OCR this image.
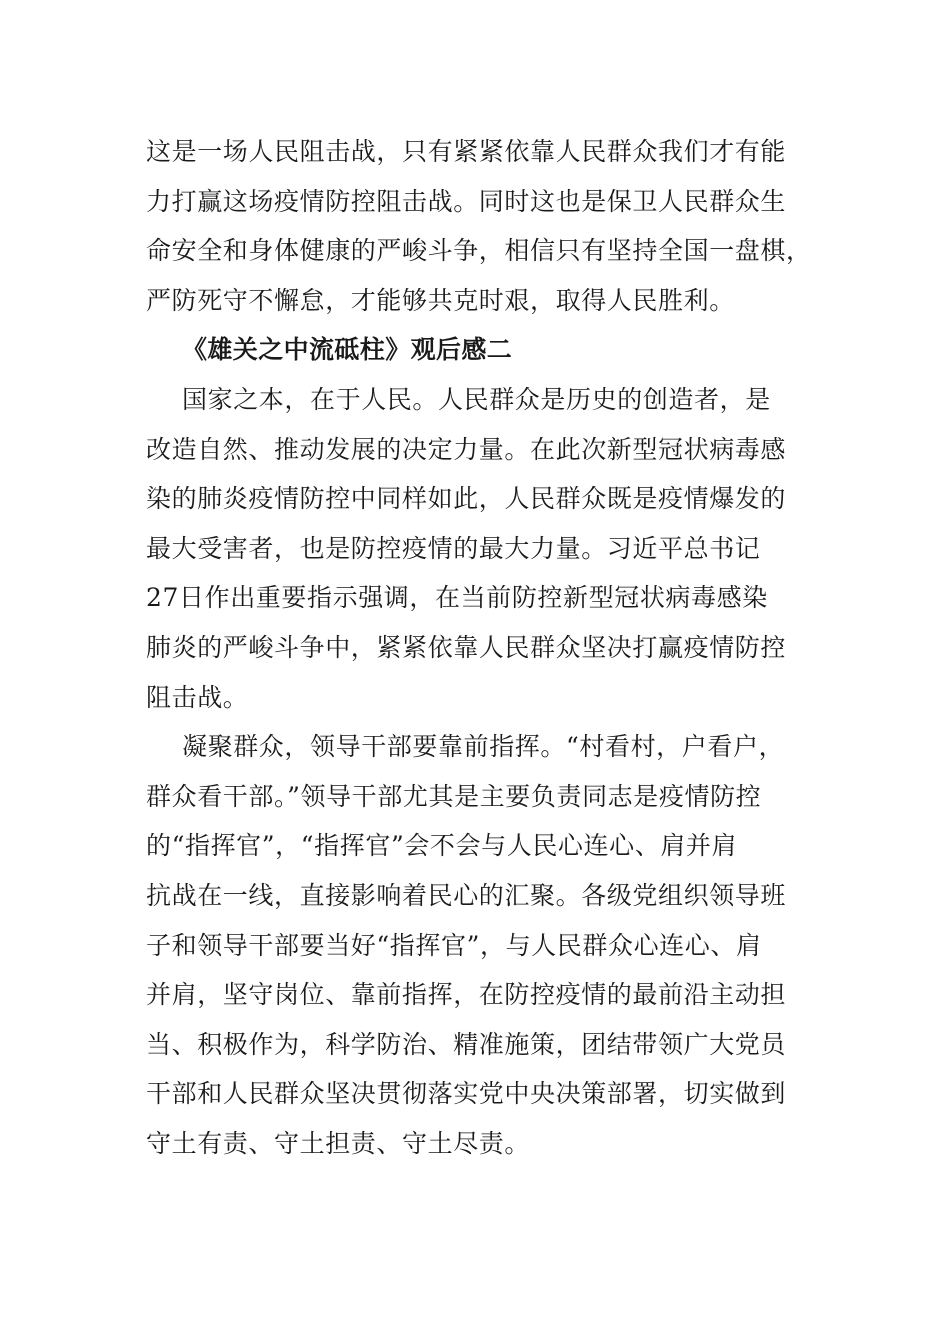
这是一场人民阻击战，只有紧紧依靠人民群众我们才有能
力打赢这场疫情防控阻击战。同时这也是保卫人民群众生
命安全和身体健康的严峻斗争，相信只有坚持全国一盘棋，
严防死守不懈怠，才能够共克时艰，取得人民胜利。
《雄关之中流砥柱》观后感二
国家之本，在于人民。人民群众是历史的创造者，是
改造自然、推动发展的决定力量。在此次新型冠状病毒感
染的肺炎疫情防控中同样如此，人民群众既是疫情爆发的
最大受害者，也是防控疫情的最大力量。习近平总书记
27日作出重要指示强调，在当前防控新型冠状病毒感染
肺炎的严峻斗争中，紧紧依靠人民群众坚决打赢疫情防控
阻击战。
凝聚群众，领导干部要靠前指挥。“村看村，户看户，
群众看干部。”领导干部尤其是主要负责同志是疫情防控
的“指挥官”，“指挥官”会不会与人民心连心、肩并肩
抗战在一线，直接影响着民心的汇聚。各级党组织领导班
子和领导干部要当好“指挥官”，与人民群众心连心、肩
并肩，坚守岗位、靠前指挥，在防控疫情的最前沿主动担
当、积极作为，科学防治、精准施策，团结带领广大党员
干部和人民群众坚决贯彻落实党中央决策部署，切实做到
守土有责、守土担责、守土尽责。
